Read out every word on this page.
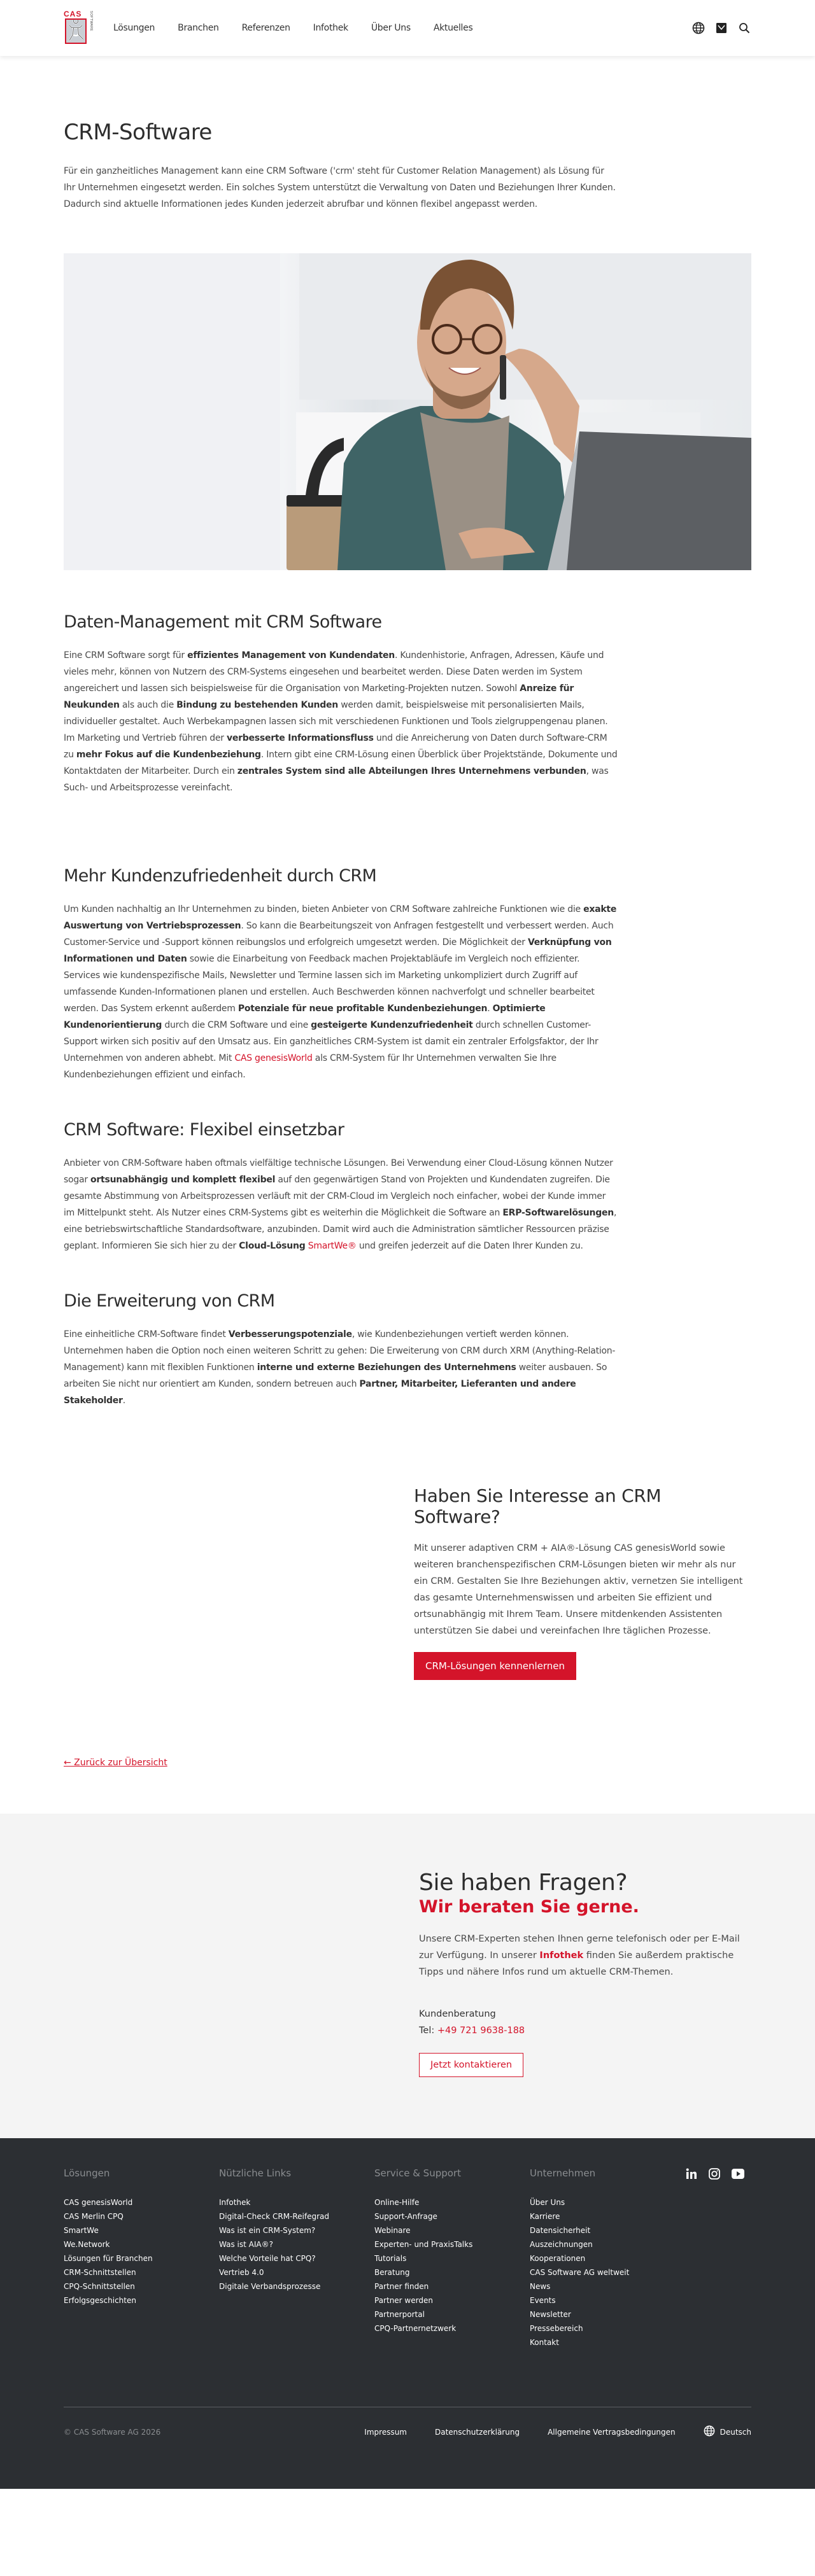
CAS SOFTWARE Lösungen	Branchen	Referenzen	Infothek	Über Uns	Aktuelles
CRM-Software

Für ein ganzheitliches Management kann eine CRM Software ('crm' steht für Customer Relation Management) als Lösung für Ihr Unternehmen eingesetzt werden. Ein solches System unterstützt die Verwaltung von Daten und Beziehungen Ihrer Kunden. Dadurch sind aktuelle Informationen jedes Kunden jederzeit abrufbar und können flexibel angepasst werden.

Daten-Management mit CRM Software

Eine CRM Software sorgt für effizientes Management von Kundendaten. Kundenhistorie, Anfragen, Adressen, Käufe und vieles mehr, können von Nutzern des CRM-Systems eingesehen und bearbeitet werden. Diese Daten werden im System angereichert und lassen sich beispielsweise für die Organisation von Marketing-Projekten nutzen. Sowohl Anreize für Neukunden als auch die Bindung zu bestehenden Kunden werden damit, beispielsweise mit personalisierten Mails, individueller gestaltet. Auch Werbekampagnen lassen sich mit verschiedenen Funktionen und Tools zielgruppengenau planen. Im Marketing und Vertrieb führen der verbesserte Informationsfluss und die Anreicherung von Daten durch Software-CRM zu mehr Fokus auf die Kundenbeziehung. Intern gibt eine CRM-Lösung einen Überblick über Projektstände, Dokumente und Kontaktdaten der Mitarbeiter. Durch ein zentrales System sind alle Abteilungen Ihres Unternehmens verbunden, was Such- und Arbeitsprozesse vereinfacht.

Mehr Kundenzufriedenheit durch CRM

Um Kunden nachhaltig an Ihr Unternehmen zu binden, bieten Anbieter von CRM Software zahlreiche Funktionen wie die exakte Auswertung von Vertriebsprozessen. So kann die Bearbeitungszeit von Anfragen festgestellt und verbessert werden. Auch Customer-Service und -Support können reibungslos und erfolgreich umgesetzt werden. Die Möglichkeit der Verknüpfung von Informationen und Daten sowie die Einarbeitung von Feedback machen Projektabläufe im Vergleich noch effizienter. Services wie kundenspezifische Mails, Newsletter und Termine lassen sich im Marketing unkompliziert durch Zugriff auf umfassende Kunden-Informationen planen und erstellen. Auch Beschwerden können nachverfolgt und schneller bearbeitet werden. Das System erkennt außerdem Potenziale für neue profitable Kundenbeziehungen. Optimierte Kundenorientierung durch die CRM Software und eine gesteigerte Kundenzufriedenheit durch schnellen Customer-Support wirken sich positiv auf den Umsatz aus. Ein ganzheitliches CRM-System ist damit ein zentraler Erfolgsfaktor, der Ihr Unternehmen von anderen abhebt. Mit CAS genesisWorld als CRM-System für Ihr Unternehmen verwalten Sie Ihre Kundenbeziehungen effizient und einfach.

CRM Software: Flexibel einsetzbar

Anbieter von CRM-Software haben oftmals vielfältige technische Lösungen. Bei Verwendung einer Cloud-Lösung können Nutzer sogar ortsunabhängig und komplett flexibel auf den gegenwärtigen Stand von Projekten und Kundendaten zugreifen. Die gesamte Abstimmung von Arbeitsprozessen verläuft mit der CRM-Cloud im Vergleich noch einfacher, wobei der Kunde immer im Mittelpunkt steht. Als Nutzer eines CRM-Systems gibt es weiterhin die Möglichkeit die Software an ERP-Softwarelösungen, eine betriebswirtschaftliche Standardsoftware, anzubinden. Damit wird auch die Administration sämtlicher Ressourcen präzise geplant. Informieren Sie sich hier zu der Cloud-Lösung SmartWe® und greifen jederzeit auf die Daten Ihrer Kunden zu.

Die Erweiterung von CRM

Eine einheitliche CRM-Software findet Verbesserungspotenziale, wie Kundenbeziehungen vertieft werden können. Unternehmen haben die Option noch einen weiteren Schritt zu gehen: Die Erweiterung von CRM durch XRM (Anything-Relation-Management) kann mit flexiblen Funktionen interne und externe Beziehungen des Unternehmens weiter ausbauen. So arbeiten Sie nicht nur orientiert am Kunden, sondern betreuen auch Partner, Mitarbeiter, Lieferanten und andere Stakeholder.

Haben Sie Interesse an CRM Software?

Mit unserer adaptiven CRM + AIA®-Lösung CAS genesisWorld sowie weiteren branchenspezifischen CRM-Lösungen bieten wir mehr als nur ein CRM. Gestalten Sie Ihre Beziehungen aktiv, vernetzen Sie intelligent das gesamte Unternehmenswissen und arbeiten Sie effizient und ortsunabhängig mit Ihrem Team. Unsere mitdenkenden Assistenten unterstützen Sie dabei und vereinfachen Ihre täglichen Prozesse.

CRM-Lösungen kennenlernen
← Zurück zur Übersicht
Sie haben Fragen?
Wir beraten Sie gerne.

Unsere CRM-Experten stehen Ihnen gerne telefonisch oder per E-Mail zur Verfügung. In unserer Infothek finden Sie außerdem praktische Tipps und nähere Infos rund um aktuelle CRM-Themen.

Kundenberatung
Tel: +49 721 9638-188
Jetzt kontaktieren
Lösungen
CAS genesisWorld
CAS Merlin CPQ
SmartWe
We.Network
Lösungen für Branchen
CRM-Schnittstellen
CPQ-Schnittstellen
Erfolgsgeschichten
Nützliche Links
Infothek
Digital-Check CRM-Reifegrad
Was ist ein CRM-System?
Was ist AIA®?
Welche Vorteile hat CPQ?
Vertrieb 4.0
Digitale Verbandsprozesse
Service & Support
Online-Hilfe
Support-Anfrage
Webinare
Experten- und PraxisTalks
Tutorials
Beratung
Partner finden
Partner werden
Partnerportal
CPQ-Partnernetzwerk
Unternehmen
Über Uns
Karriere
Datensicherheit
Auszeichnungen
Kooperationen
CAS Software AG weltweit
News
Events
Newsletter
Pressebereich
Kontakt
© CAS Software AG 2026	Impressum	Datenschutzerklärung	Allgemeine Vertragsbedingungen	Deutsch
